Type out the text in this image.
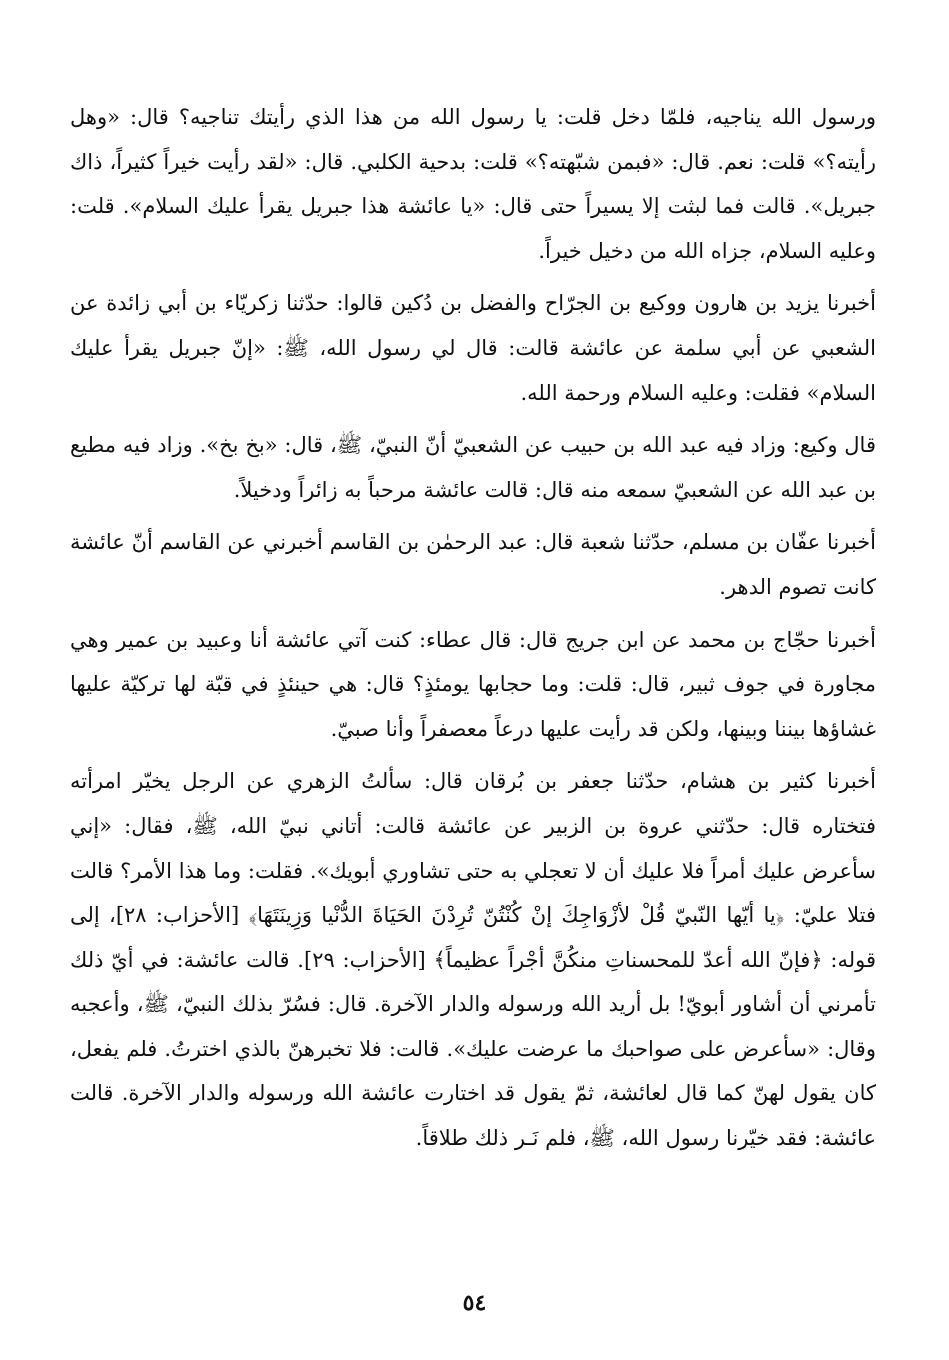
ورسول الله يناجيه، فلمّا دخل قلت: يا رسول الله من هذا الذي رأيتك تناجيه؟ قال: «وهل رأيته؟» قلت: نعم. قال: «فبمن شبّهته؟» قلت: بدحية الكلبي. قال: «لقد رأيت خيراً كثيراً، ذاك جبريل». قالت فما لبثت إلا يسيراً حتى قال: «يا عائشة هذا جبريل يقرأ عليك السلام». قلت: وعليه السلام، جزاه الله من دخيل خيراً.

أخبرنا يزيد بن هارون ووكيع بن الجرّاح والفضل بن دُكين قالوا: حدّثنا زكريّاء بن أبي زائدة عن الشعبي عن أبي سلمة عن عائشة قالت: قال لي رسول الله، ﷺ: «إنّ جبريل يقرأ عليك السلام» فقلت: وعليه السلام ورحمة الله.

قال وكيع: وزاد فيه عبد الله بن حبيب عن الشعبيّ أنّ النبيّ، ﷺ، قال: «بخ بخ». وزاد فيه مطيع بن عبد الله عن الشعبيّ سمعه منه قال: قالت عائشة مرحباً به زائراً ودخيلاً.

أخبرنا عفّان بن مسلم، حدّثنا شعبة قال: عبد الرحمٰن بن القاسم أخبرني عن القاسم أنّ عائشة كانت تصوم الدهر.

أخبرنا حجّاج بن محمد عن ابن جريج قال: قال عطاء: كنت آتي عائشة أنا وعبيد بن عمير وهي مجاورة في جوف ثبير، قال: قلت: وما حجابها يومئذٍ؟ قال: هي حينئذٍ في قبّة لها تركيّة عليها غشاؤها بيننا وبينها، ولكن قد رأيت عليها درعاً معصفراً وأنا صبيّ.

أخبرنا كثير بن هشام، حدّثنا جعفر بن بُرقان قال: سألتُ الزهري عن الرجل يخيّر امرأته فتختاره قال: حدّثني عروة بن الزبير عن عائشة قالت: أتاني نبيّ الله، ﷺ، فقال: «إني سأعرض عليك أمراً فلا عليك أن لا تعجلي به حتى تشاوري أبويك». فقلت: وما هذا الأمر؟ قالت فتلا عليّ: ﴿يا أيّها النّبيّ قُلْ لأزْوَاجِكَ إنْ كُنْتُنّ تُرِدْنَ الحَيَاةَ الدُّنْيا وَزِينَتَهَا﴾ [الأحزاب: ٢٨]، إلى قوله: ﴿فإنّ الله أعدّ للمحسناتِ منكُنَّ أجْراً عظيماً﴾ [الأحزاب: ٢٩]. قالت عائشة: في أيّ ذلك تأمرني أن أشاور أبويّ! بل أريد الله ورسوله والدار الآخرة. قال: فسُرّ بذلك النبيّ، ﷺ، وأعجبه وقال: «سأعرض على صواحبك ما عرضت عليك». قالت: فلا تخبرهنّ بالذي اخترتُ. فلم يفعل، كان يقول لهنّ كما قال لعائشة، ثمّ يقول قد اختارت عائشة الله ورسوله والدار الآخرة. قالت عائشة: فقد خيّرنا رسول الله، ﷺ، فلم نَـر ذلك طلاقاً.

٥٤
